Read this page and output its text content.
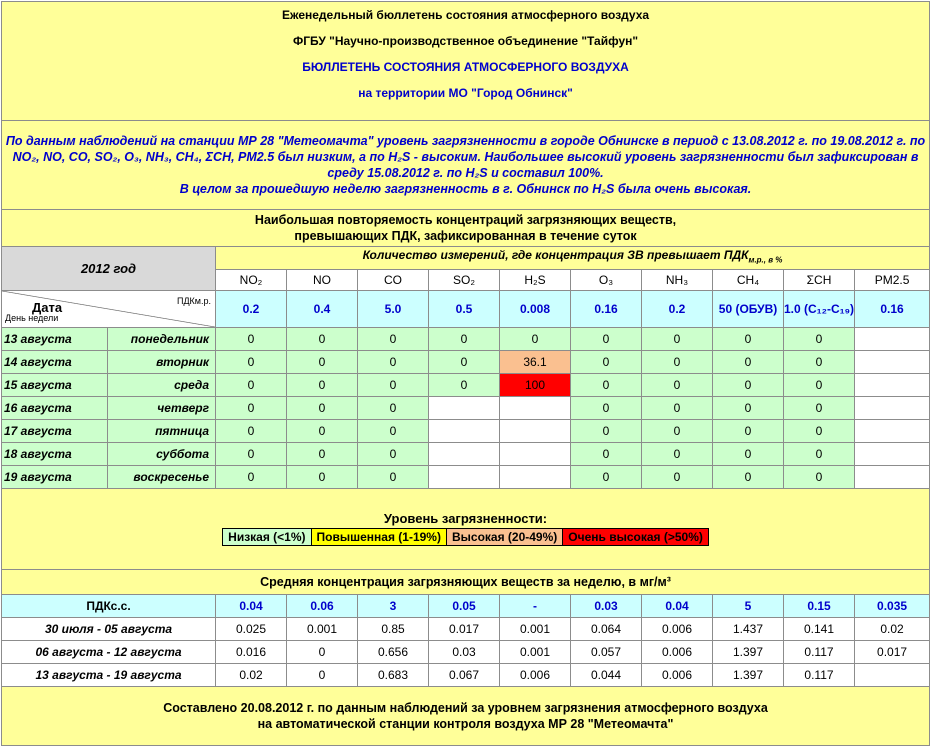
Еженедельный бюллетень состояния атмосферного воздуха
ФГБУ "Научно-производственное объединение "Тайфун"
БЮЛЛЕТЕНЬ СОСТОЯНИЯ АТМОСФЕРНОГО ВОЗДУХА
на территории МО "Город Обнинск"											

По данным наблюдений на станции МР 28 "Метеомачта" уровень загрязненности в городе Обнинске в период с 13.08.2012 г. по 19.08.2012 г. по NO₂, NO, CO, SO₂, O₃, NH₃, CH₄, ΣCH, PM2.5 был низким, а по H₂S - высоким. Наибольшее высокий уровень загрязненности был зафиксирован в среду 15.08.2012 г. по H₂S и составил 100%.
В целом за прошедшую неделю загрязненность в г. Обнинск по H₂S была очень высокая.											

Наибольшая повторяемость концентраций загрязняющих веществ,
превышающих ПДК, зафиксированная в течение суток											

2012 год		Количество измерений, где концентрация ЗВ превышает $ПДК_{м.р., в \%}$
		NO₂	NO	CO	SO₂	H₂S	O₃	NH₃	CH₄	ΣCH	PM2.5

Дата ПДКм.р.
День недели		0.2	0.4	5.0	0.5	0.008	0.16	0.2	50 (ОБУВ)	1.0 (C₁₂-C₁₉)	0.16
13 августа	понедельник	0	0	0	0	0	0	0	0	0	
14 августа	вторник	0	0	0	0	36.1	0	0	0	0	
15 августа	среда	0	0	0	0	100	0	0	0	0	
16 августа	четверг	0	0	0			0	0	0	0	
17 августа	пятница	0	0	0			0	0	0	0	
18 августа	суббота	0	0	0			0	0	0	0	
19 августа	воскресенье	0	0	0			0	0	0	0	

Уровень загрязненности:
Низкая (<1%)	Повышенная (1-19%)	Высокая (20-49%)	Очень высокая (>50%)											
Средняя концентрация загрязняющих веществ за неделю, в мг/м³											
ПДКс.с.		0.04	0.06	3	0.05	-	0.03	0.04	5	0.15	0.035
30 июля - 05 августа		0.025	0.001	0.85	0.017	0.001	0.064	0.006	1.437	0.141	0.02
06 августа - 12 августа		0.016	0	0.656	0.03	0.001	0.057	0.006	1.397	0.117	0.017
13 августа - 19 августа		0.02	0	0.683	0.067	0.006	0.044	0.006	1.397	0.117	

Составлено 20.08.2012 г. по данным наблюдений за уровнем загрязнения атмосферного воздуха
на автоматической станции контроля воздуха МР 28 "Метеомачта"											
